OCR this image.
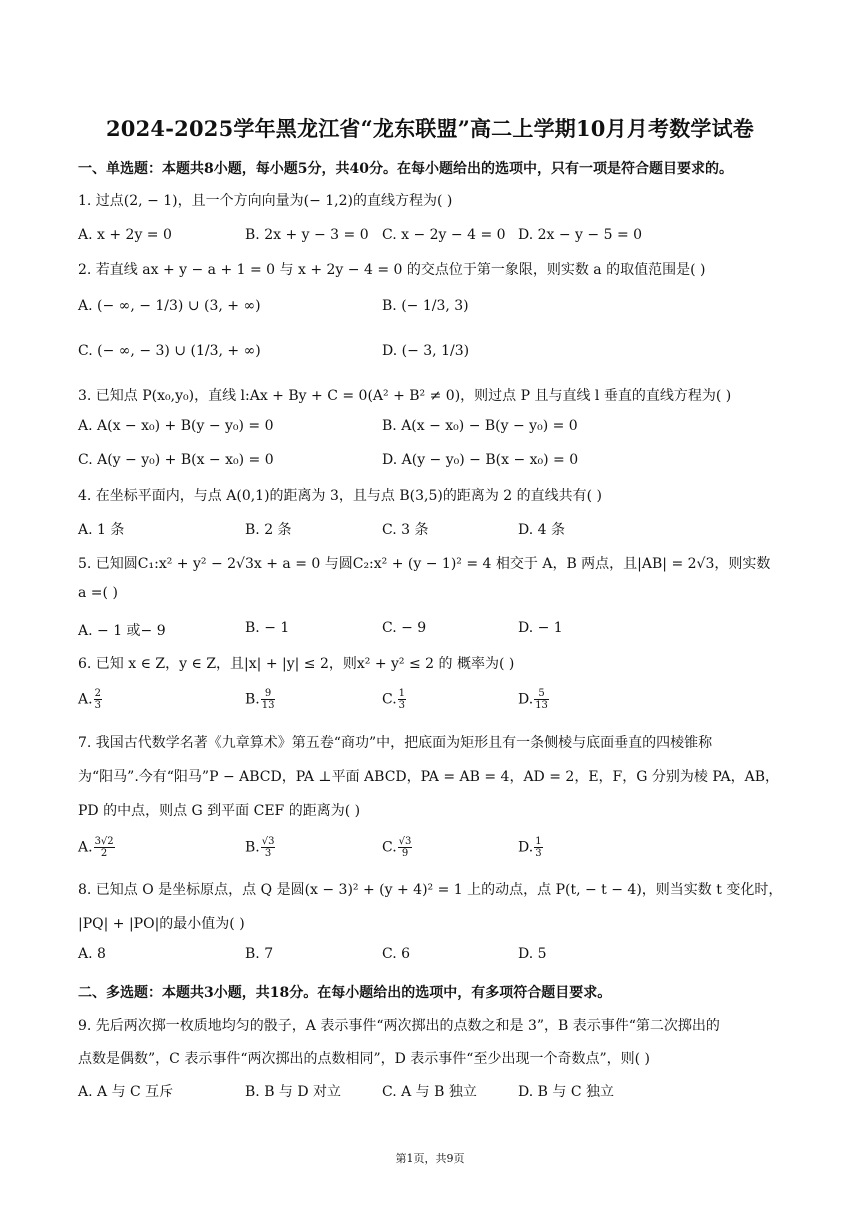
2024-2025学年黑龙江省“龙东联盟”高二上学期10月月考数学试卷
一、单选题：本题共8小题，每小题5分，共40分。在每小题给出的选项中，只有一项是符合题目要求的。
1. 过点(2, − 1)，且一个方向向量为(− 1,2)的直线方程为( )
A. x + 2y = 0	B. 2x + y − 3 = 0 C. x − 2y − 4 = 0 D. 2x − y − 5 = 0
2. 若直线 ax + y − a + 1 = 0 与 x + 2y − 4 = 0 的交点位于第一象限，则实数 a 的取值范围是( )
A. (− ∞, − 1/3) ∪ (3, + ∞)	B. (− 1/3, 3)
C. (− ∞, − 3) ∪ (1/3, + ∞)	D. (− 3, 1/3)
3. 已知点 P(x₀,y₀)，直线 l:Ax + By + C = 0(A² + B² ≠ 0)，则过点 P 且与直线 l 垂直的直线方程为( )
A. A(x − x₀) + B(y − y₀) = 0	B. A(x − x₀) − B(y − y₀) = 0
C. A(y − y₀) + B(x − x₀) = 0	D. A(y − y₀) − B(x − x₀) = 0
4. 在坐标平面内，与点 A(0,1)的距离为 3，且与点 B(3,5)的距离为 2 的直线共有( )
A. 1 条	B. 2 条	C. 3 条	D. 4 条
5. 已知圆C₁:x² + y² − 2√3x + a = 0 与圆C₂:x² + (y − 1)² = 4 相交于 A，B 两点，且|AB| = 2√3，则实数
a =( )
A. − 1 或− 9	B. − 1	C. − 9	D. − 1
6. 已知 x ∈ Z，y ∈ Z，且|x| + |y| ≤ 2，则x² + y² ≤ 2 的 概率为( )
A. $\frac{2}{3}$	B. $\frac{9}{13}$	C. $\frac{1}{3}$	D. $\frac{5}{13}$
7. 我国古代数学名著《九章算术》第五卷“商功”中，把底面为矩形且有一条侧棱与底面垂直的四棱锥称
为“阳马”.今有“阳马”P − ABCD，PA ⊥平面 ABCD，PA = AB = 4，AD = 2，E，F，G 分别为棱 PA，AB，
PD 的中点，则点 G 到平面 CEF 的距离为( )
A. $\frac{3√2}{2}$	B. $\frac{√3}{3}$	C. $\frac{√3}{9}$	D. $\frac{1}{3}$
8. 已知点 O 是坐标原点，点 Q 是圆(x − 3)² + (y + 4)² = 1 上的动点，点 P(t, − t − 4)，则当实数 t 变化时，
|PQ| + |PO|的最小值为( )
A. 8	B. 7	C. 6	D. 5
二、多选题：本题共3小题，共18分。在每小题给出的选项中，有多项符合题目要求。
9. 先后两次掷一枚质地均匀的骰子，A 表示事件“两次掷出的点数之和是 3”，B 表示事件“第二次掷出的
点数是偶数”，C 表示事件“两次掷出的点数相同”，D 表示事件“至少出现一个奇数点”，则( )
A. A 与 C 互斥	B. B 与 D 对立	C. A 与 B 独立	D. B 与 C 独立
第1页，共9页
